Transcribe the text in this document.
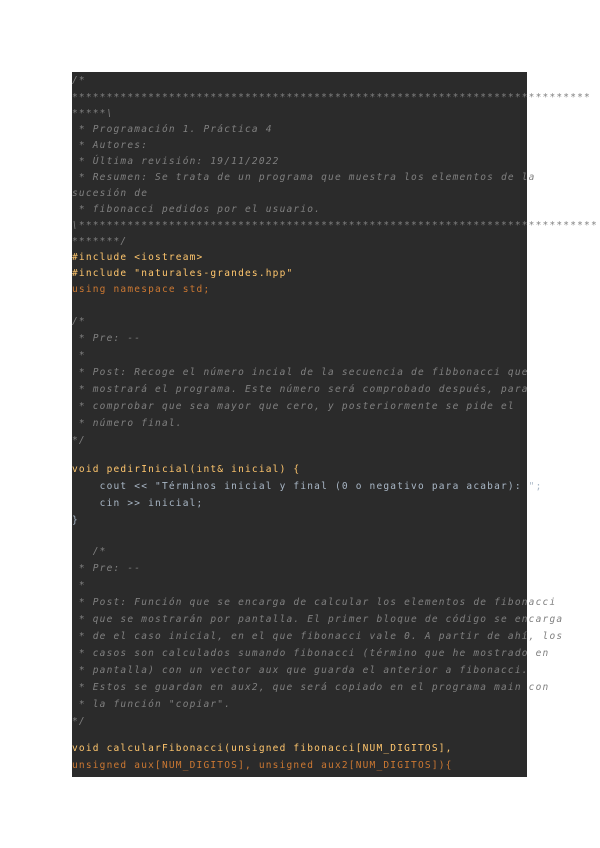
/*
***************************************************************************
*****\
* Programación 1. Práctica 4
* Autores:
* Última revisión: 19/11/2022
* Resumen: Se trata de un programa que muestra los elementos de la
sucesión de
* fibonacci pedidos por el usuario.
\***************************************************************************
*******/
#include <iostream>
#include "naturales-grandes.hpp"
using namespace std;
/*
* Pre: --
*
* Post: Recoge el número incial de la secuencia de fibbonacci que
* mostrará el programa. Este número será comprobado después, para
* comprobar que sea mayor que cero, y posteriormente se pide el
* número final.
*/
void pedirInicial(int& inicial) {
cout << "Términos inicial y final (0 o negativo para acabar): ";
cin >> inicial;
}
/*
* Pre: --
*
* Post: Función que se encarga de calcular los elementos de fibonacci
* que se mostrarán por pantalla. El primer bloque de código se encarga
* de el caso inicial, en el que fibonacci vale 0. A partir de ahí, los
* casos son calculados sumando fibonacci (término que he mostrado en
* pantalla) con un vector aux que guarda el anterior a fibonacci.
* Estos se guardan en aux2, que será copiado en el programa main con
* la función "copiar".
*/
void calcularFibonacci(unsigned fibonacci[NUM_DIGITOS],
unsigned aux[NUM_DIGITOS], unsigned aux2[NUM_DIGITOS]){
